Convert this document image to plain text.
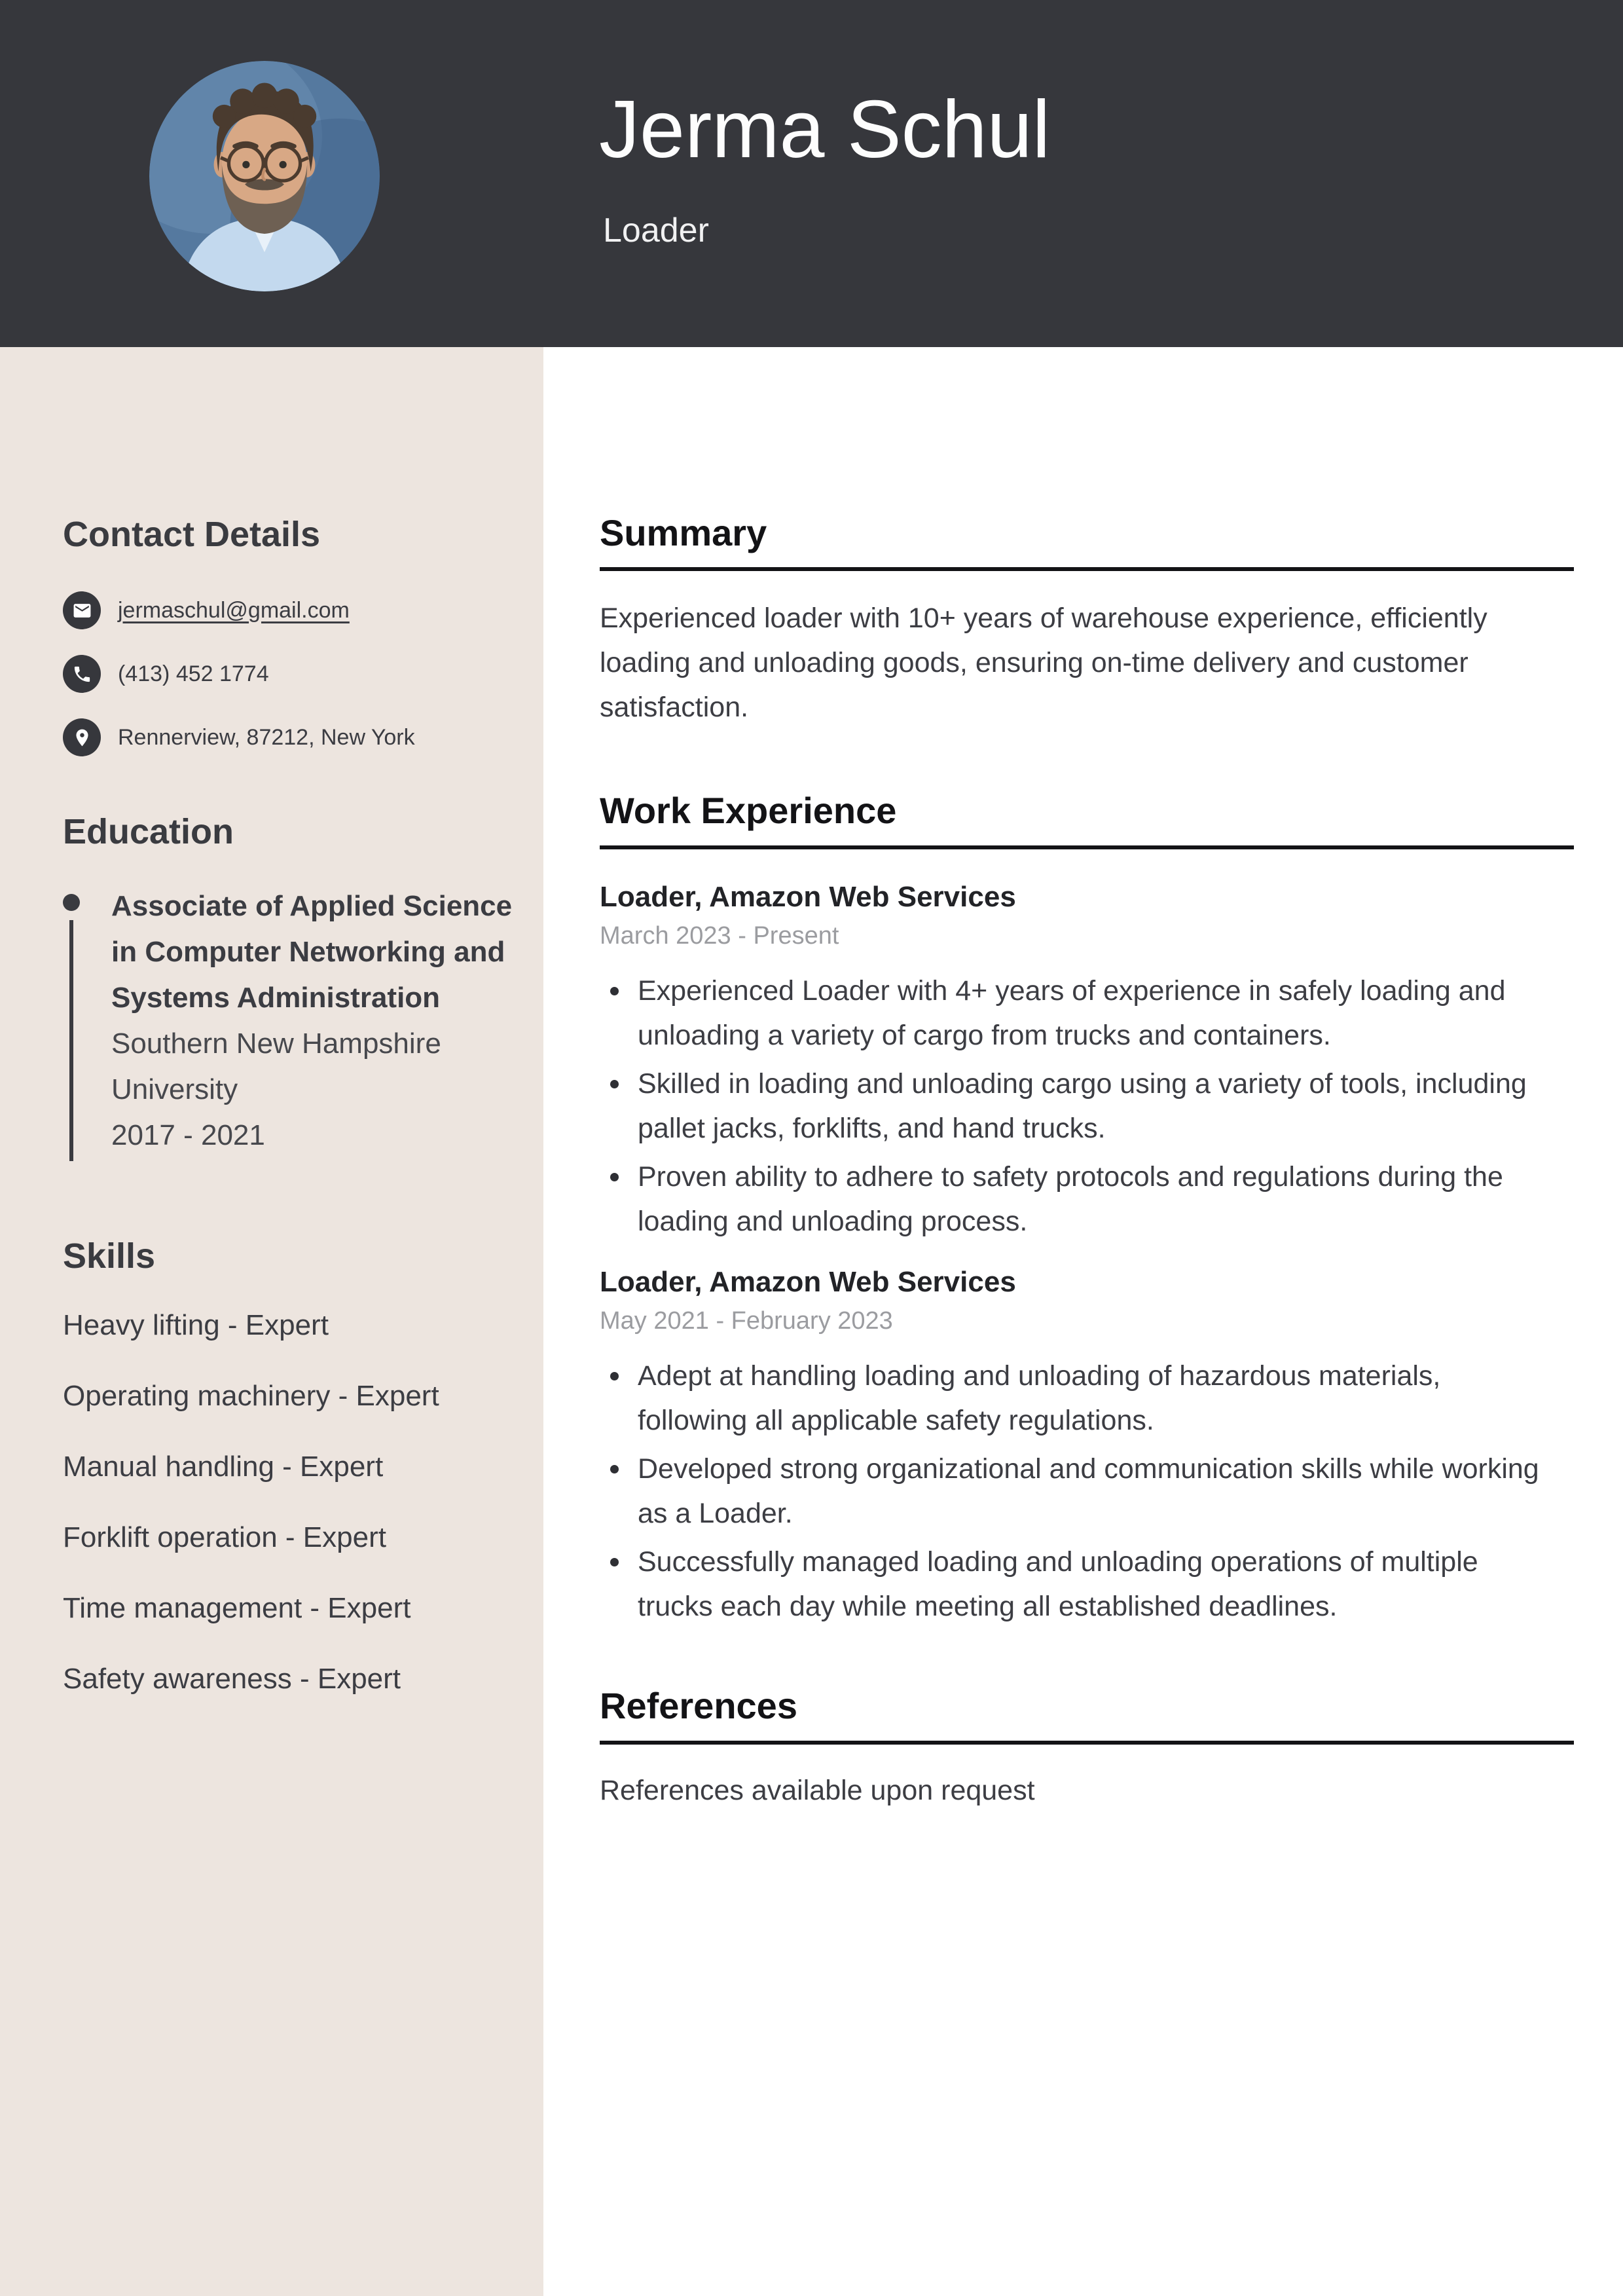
Jerma Schul
Loader
Contact Details
jermaschul@gmail.com
(413) 452 1774
Rennerview, 87212, New York
Education
Associate of Applied Science in Computer Networking and Systems Administration
Southern New Hampshire University
2017 - 2021
Skills
Heavy lifting - Expert
Operating machinery - Expert
Manual handling - Expert
Forklift operation - Expert
Time management - Expert
Safety awareness - Expert
Summary

Experienced loader with 10+ years of warehouse experience, efficiently loading and unloading goods, ensuring on-time delivery and customer satisfaction.

Work Experience
Loader, Amazon Web Services
March 2023 - Present
Experienced Loader with 4+ years of experience in safely loading and unloading a variety of cargo from trucks and containers.
Skilled in loading and unloading cargo using a variety of tools, including pallet jacks, forklifts, and hand trucks.
Proven ability to adhere to safety protocols and regulations during the loading and unloading process.
Loader, Amazon Web Services
May 2021 - February 2023
Adept at handling loading and unloading of hazardous materials, following all applicable safety regulations.
Developed strong organizational and communication skills while working as a Loader.
Successfully managed loading and unloading operations of multiple trucks each day while meeting all established deadlines.
References

References available upon request
